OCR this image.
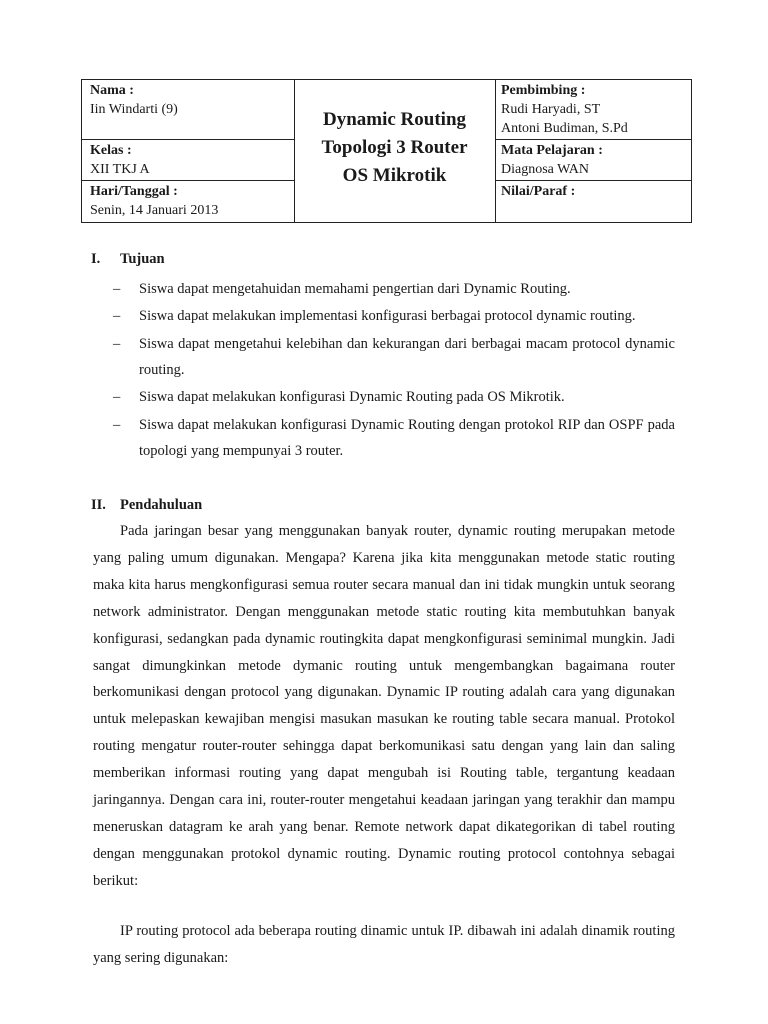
Nama :
Iin Windarti (9)
Kelas :
XII TKJ A
Hari/Tanggal :
Senin, 14 Januari 2013
Dynamic Routing
Topologi 3 Router
OS Mikrotik
Pembimbing :
Rudi Haryadi, ST
Antoni Budiman, S.Pd
Mata Pelajaran :
Diagnosa WAN
Nilai/Paraf :
I. Tujuan
– Siswa dapat mengetahuidan memahami pengertian dari Dynamic Routing.
– Siswa dapat melakukan implementasi konfigurasi berbagai protocol dynamic routing.
– Siswa dapat mengetahui kelebihan dan kekurangan dari berbagai macam protocol dynamic routing.
– Siswa dapat melakukan konfigurasi Dynamic Routing pada OS Mikrotik.
– Siswa dapat melakukan konfigurasi Dynamic Routing dengan protokol RIP dan OSPF pada topologi yang mempunyai 3 router.
II. Pendahuluan

Pada jaringan besar yang menggunakan banyak router, dynamic routing merupakan metode yang paling umum digunakan. Mengapa? Karena jika kita menggunakan metode static routing maka kita harus mengkonfigurasi semua router secara manual dan ini tidak mungkin untuk seorang network administrator. Dengan menggunakan metode static routing kita membutuhkan banyak konfigurasi, sedangkan pada dynamic routingkita dapat mengkonfigurasi seminimal mungkin. Jadi sangat dimungkinkan metode dymanic routing untuk mengembangkan bagaimana router berkomunikasi dengan protocol yang digunakan. Dynamic IP routing adalah cara yang digunakan untuk melepaskan kewajiban mengisi masukan masukan ke routing table secara manual. Protokol routing mengatur router-router sehingga dapat berkomunikasi satu dengan yang lain dan saling memberikan informasi routing yang dapat mengubah isi Routing table, tergantung keadaan jaringannya. Dengan cara ini, router-router mengetahui keadaan jaringan yang terakhir dan mampu meneruskan datagram ke arah yang benar. Remote network dapat dikategorikan di tabel routing dengan menggunakan protokol dynamic routing. Dynamic routing protocol contohnya sebagai berikut:

IP routing protocol ada beberapa routing dinamic untuk IP. dibawah ini adalah dinamik routing yang sering digunakan:
